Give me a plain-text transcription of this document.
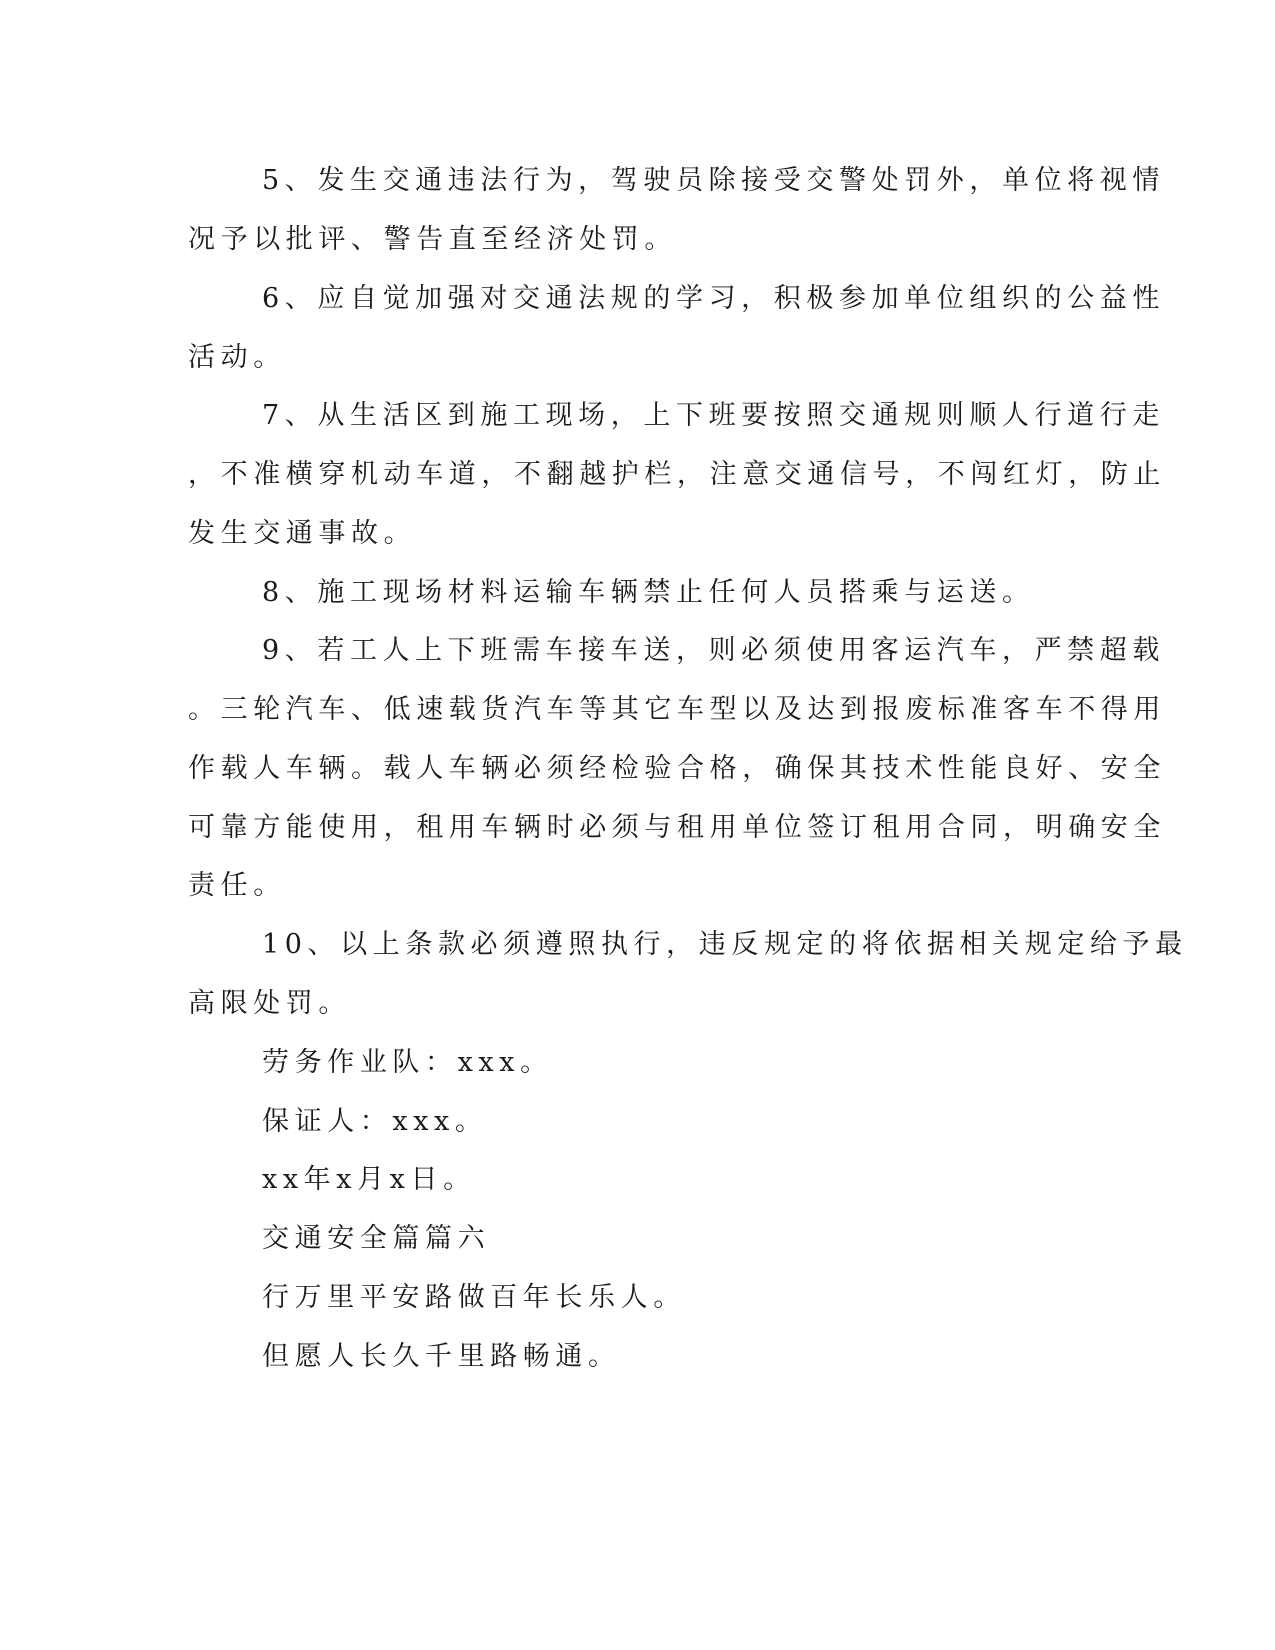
5、发生交通违法行为，驾驶员除接受交警处罚外，单位将视情
况予以批评、警告直至经济处罚。
6、应自觉加强对交通法规的学习，积极参加单位组织的公益性
活动。
7、从生活区到施工现场，上下班要按照交通规则顺人行道行走
，不准横穿机动车道，不翻越护栏，注意交通信号，不闯红灯，防止
发生交通事故。
8、施工现场材料运输车辆禁止任何人员搭乘与运送。
9、若工人上下班需车接车送，则必须使用客运汽车，严禁超载
。三轮汽车、低速载货汽车等其它车型以及达到报废标准客车不得用
作载人车辆。载人车辆必须经检验合格，确保其技术性能良好、安全
可靠方能使用，租用车辆时必须与租用单位签订租用合同，明确安全
责任。
10、以上条款必须遵照执行，违反规定的将依据相关规定给予最
高限处罚。
劳务作业队：xxx。
保证人：xxx。
xx年x月x日。
交通安全篇篇六
行万里平安路做百年长乐人。
但愿人长久千里路畅通。
